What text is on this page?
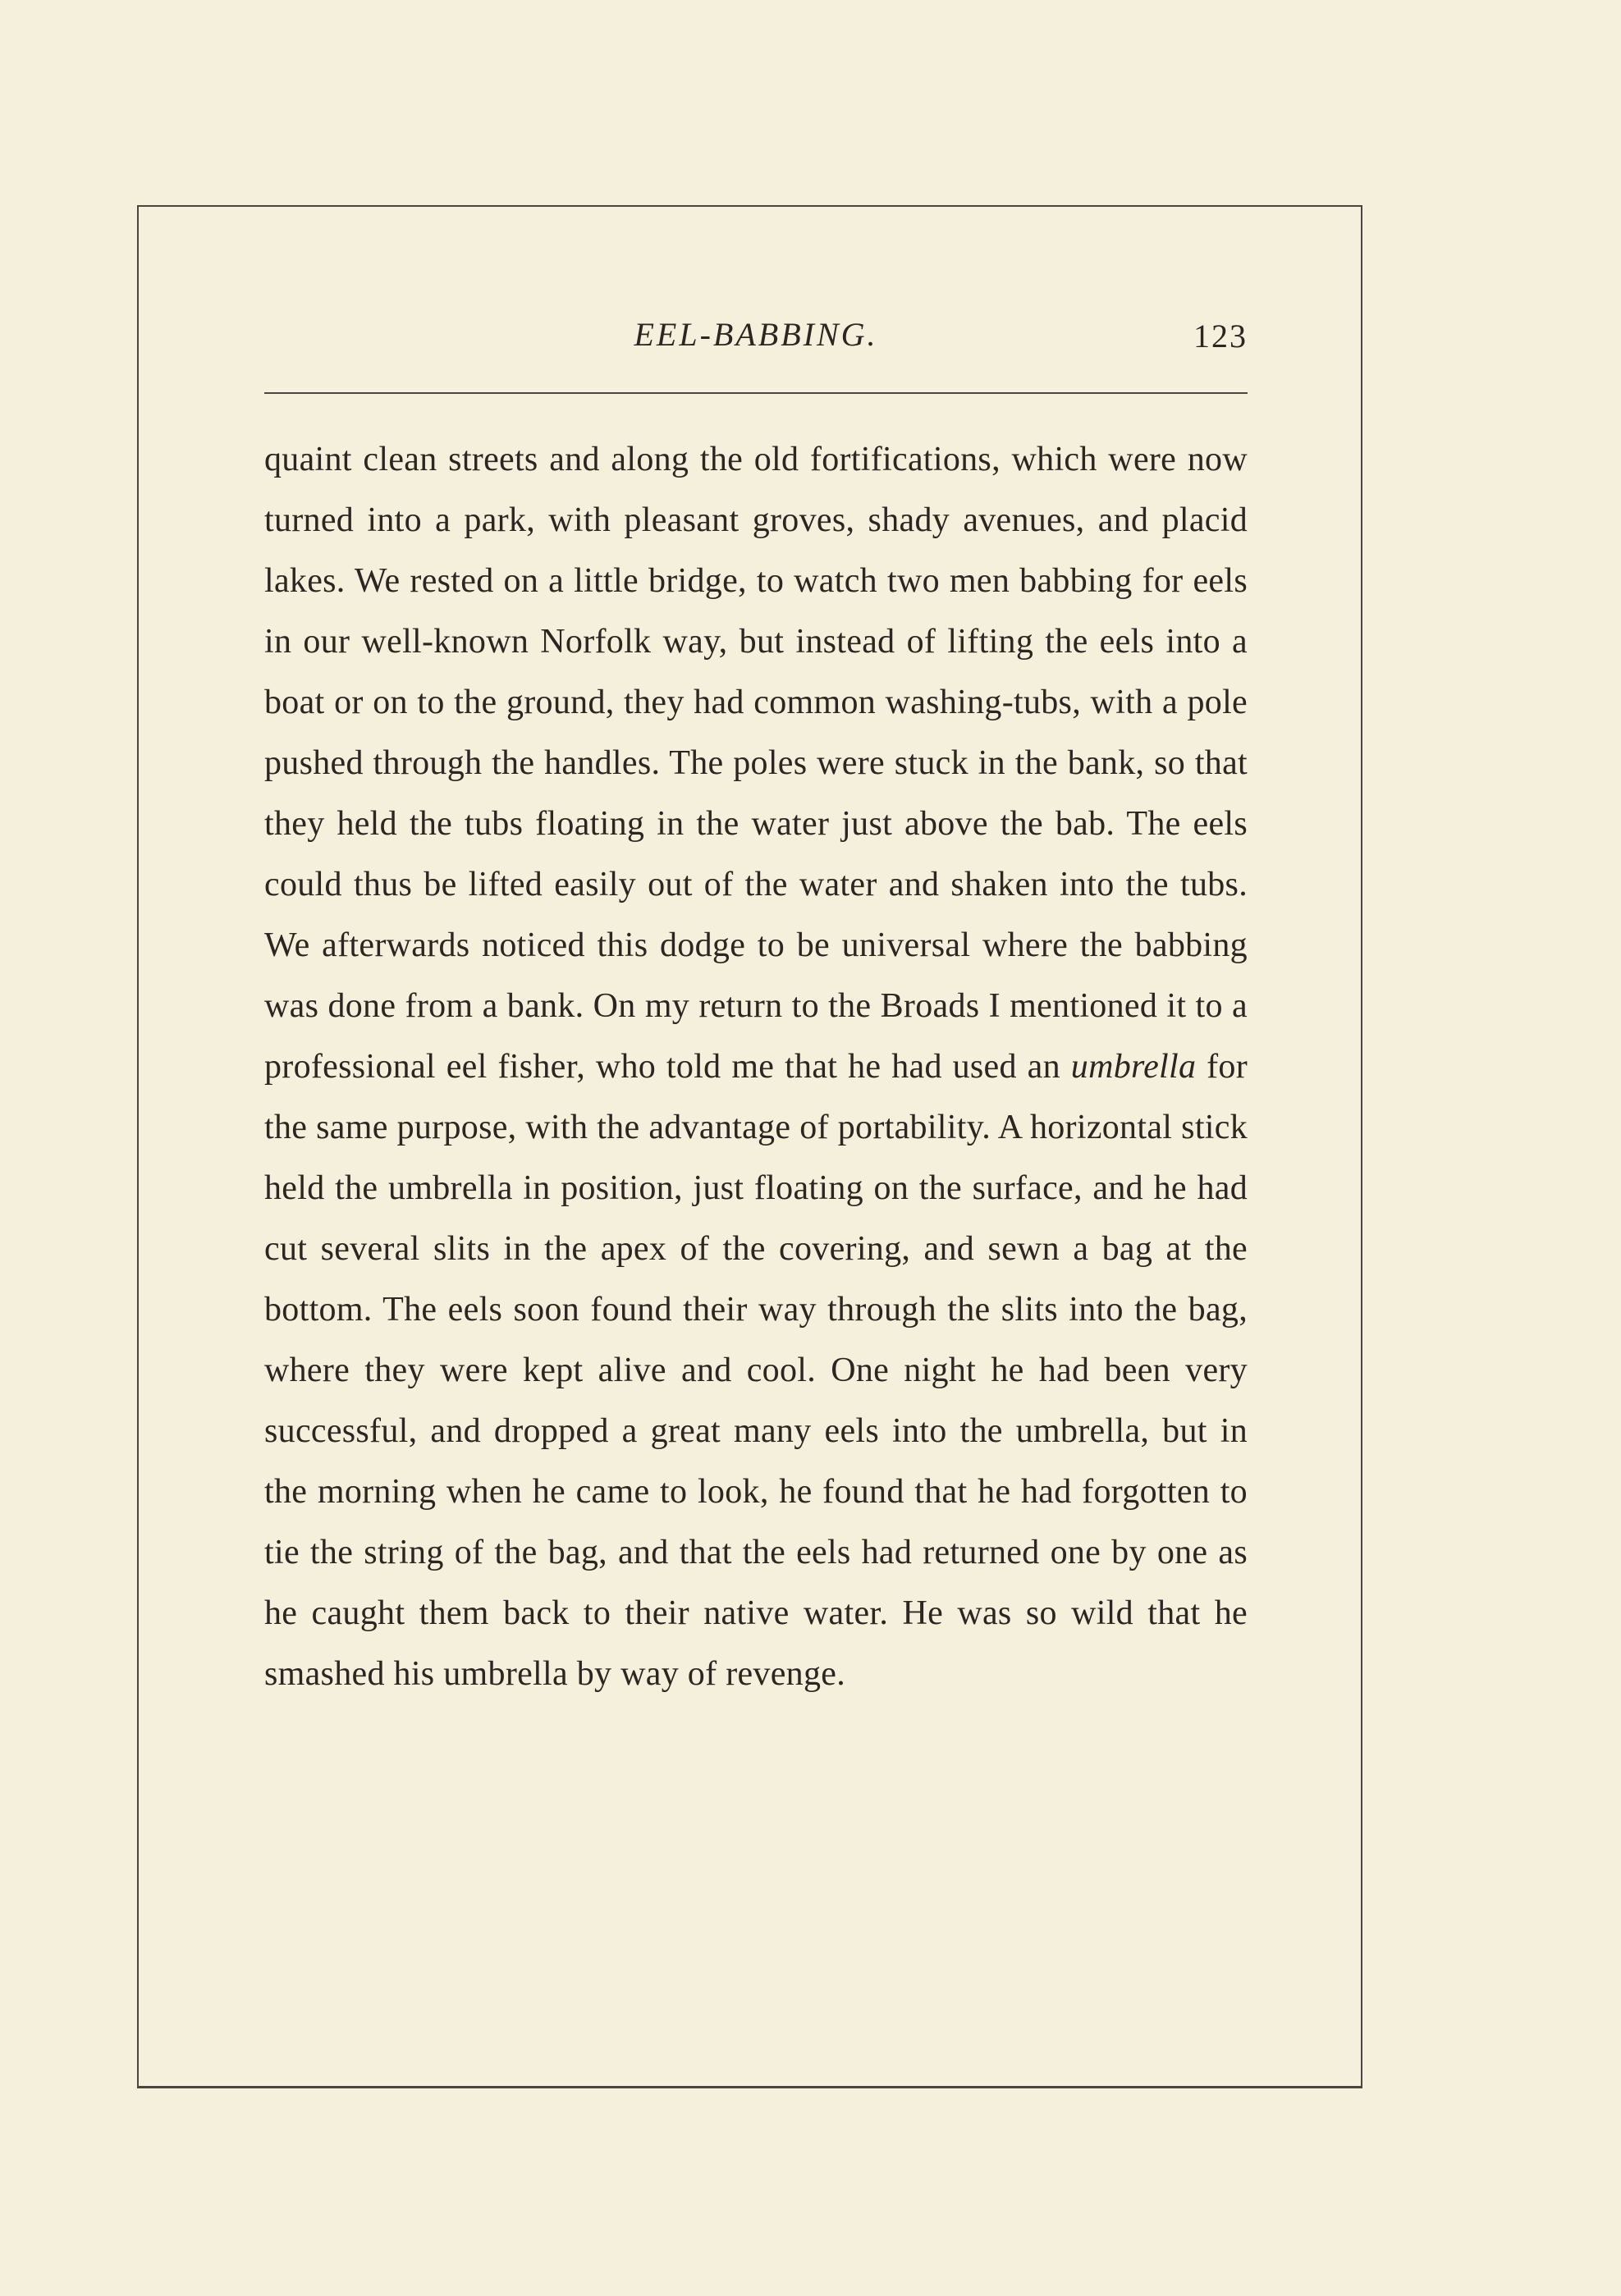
EEL-BABBING.	123

quaint clean streets and along the old fortifications, which were now turned into a park, with pleasant groves, shady avenues, and placid lakes. We rested on a little bridge, to watch two men babbing for eels in our well-known Norfolk way, but instead of lifting the eels into a boat or on to the ground, they had common washing-tubs, with a pole pushed through the handles. The poles were stuck in the bank, so that they held the tubs floating in the water just above the bab. The eels could thus be lifted easily out of the water and shaken into the tubs. We afterwards noticed this dodge to be universal where the babbing was done from a bank. On my return to the Broads I mentioned it to a professional eel fisher, who told me that he had used an umbrella for the same purpose, with the advantage of portability. A horizontal stick held the umbrella in position, just floating on the surface, and he had cut several slits in the apex of the covering, and sewn a bag at the bottom. The eels soon found their way through the slits into the bag, where they were kept alive and cool. One night he had been very successful, and dropped a great many eels into the umbrella, but in the morning when he came to look, he found that he had forgotten to tie the string of the bag, and that the eels had returned one by one as he caught them back to their native water. He was so wild that he smashed his umbrella by way of revenge.
